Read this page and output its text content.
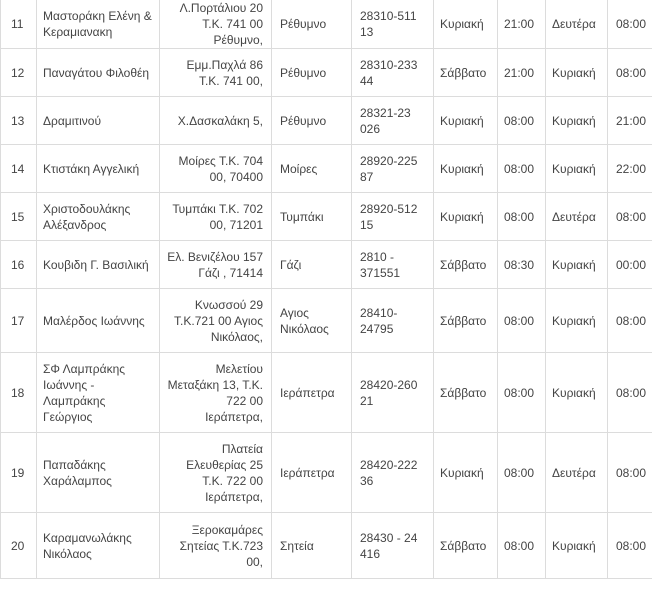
11	Μαστοράκη Ελένη & Κεραμιανακη	Λ.Πορτάλιου 20 Τ.Κ. 741 00 Ρέθυμνο,	Ρέθυμνο	28310-511 13	Κυριακή	21:00	Δευτέρα	08:00
12	Παναγάτου Φιλοθέη	Εμμ.Παχλά 86 Τ.Κ. 741 00,	Ρέθυμνο	28310-233 44	Σάββατο	21:00	Κυριακή	08:00
13	Δραμιτινού	Χ.Δασκαλάκη 5,	Ρέθυμνο	28321-23 026	Κυριακή	08:00	Κυριακή	21:00
14	Κτιστάκη Αγγελική	Μοίρες Τ.Κ. 704 00, 70400	Μοίρες	28920-225 87	Κυριακή	08:00	Κυριακή	22:00
15	Χριστοδουλάκης Αλέξανδρος	Τυμπάκι Τ.Κ. 702 00, 71201	Τυμπάκι	28920-512 15	Κυριακή	08:00	Δευτέρα	08:00
16	Κουβιδη Γ. Βασιλική	Ελ. Βενιζέλου 157 Γάζι , 71414	Γάζι	2810 - 371551	Σάββατο	08:30	Κυριακή	00:00
17	Μαλέρδος Ιωάννης	Κνωσσού 29 Τ.Κ.721 00 Αγιος Νικόλαος,	Αγιος Νικόλαος	28410-24795	Σάββατο	08:00	Κυριακή	08:00
18	ΣΦ Λαμπράκης Ιωάννης - Λαμπράκης Γεώργιος	Μελετίου Μεταξάκη 13, Τ.Κ. 722 00 Ιεράπετρα,	Ιεράπετρα	28420-260 21	Σάββατο	08:00	Κυριακή	08:00
19	Παπαδάκης Χαράλαμπος	Πλατεία Ελευθερίας 25 Τ.Κ. 722 00 Ιεράπετρα,	Ιεράπετρα	28420-222 36	Κυριακή	08:00	Δευτέρα	08:00
20	Καραμανωλάκης Νικόλαος	Ξεροκαμάρες Σητείας Τ.Κ.723 00,	Σητεία	28430 - 24 416	Σάββατο	08:00	Κυριακή	08:00
